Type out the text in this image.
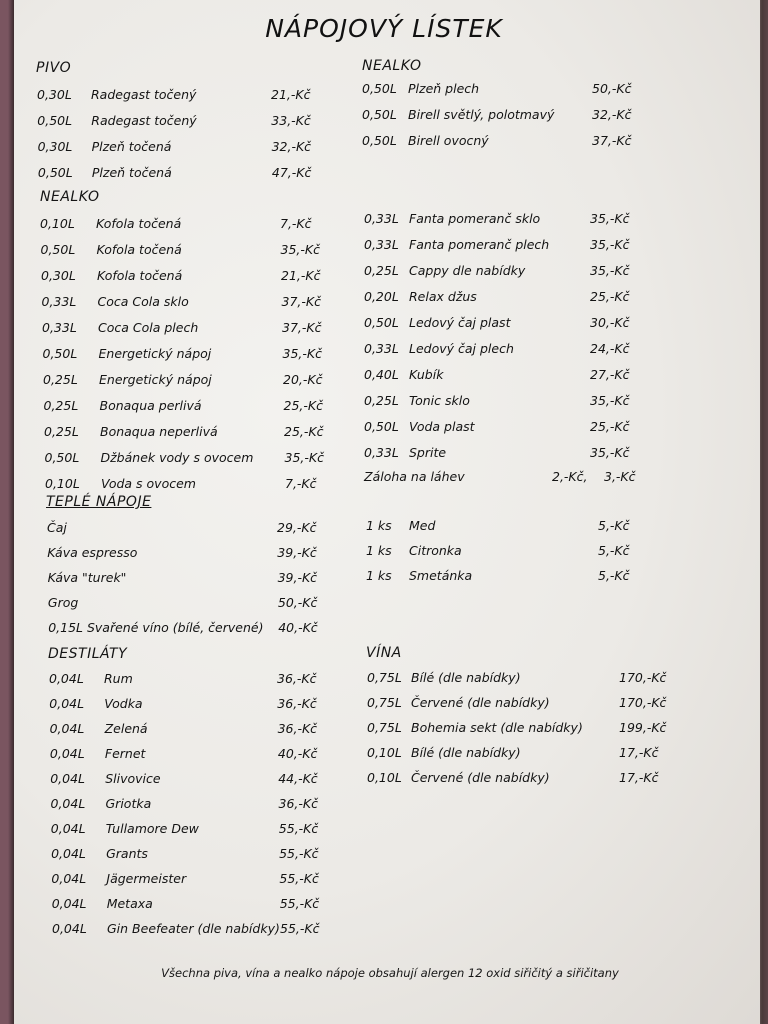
NÁPOJOVÝ LÍSTEK
PIVO
0,30L Radegast točený	21,-Kč
0,50L Radegast točený	33,-Kč
0,30L Plzeň točená	32,-Kč
0,50L Plzeň točená	47,-Kč
NEALKO
0,10L Kofola točená	7,-Kč
0,50L Kofola točená	35,-Kč
0,30L Kofola točená	21,-Kč
0,33L Coca Cola sklo	37,-Kč
0,33L Coca Cola plech	37,-Kč
0,50L Energetický nápoj	35,-Kč
0,25L Energetický nápoj	20,-Kč
0,25L Bonaqua perlivá	25,-Kč
0,25L Bonaqua neperlivá	25,-Kč
0,50L Džbánek vody s ovocem 35,-Kč
0,10L Voda s ovocem	7,-Kč
TEPLÉ NÁPOJE
Čaj	29,-Kč
Káva espresso	39,-Kč
Káva "turek"	39,-Kč
Grog	50,-Kč
0,15L Svařené víno (bílé, červené) 40,-Kč
DESTILÁTY
0,04L Rum	36,-Kč
0,04L Vodka	36,-Kč
0,04L Zelená	36,-Kč
0,04L Fernet	40,-Kč
0,04L Slivovice	44,-Kč
0,04L Griotka	36,-Kč
0,04L Tullamore Dew	55,-Kč
0,04L Grants	55,-Kč
0,04L Jägermeister	55,-Kč
0,04L Metaxa	55,-Kč
0,04L Gin Beefeater (dle nabídky) 55,-Kč
NEALKO
0,50L Plzeň plech	50,-Kč
0,50L Birell světlý, polotmavý	32,-Kč
0,50L Birell ovocný	37,-Kč
0,33L Fanta pomeranč sklo	35,-Kč
0,33L Fanta pomeranč plech	35,-Kč
0,25L Cappy dle nabídky	35,-Kč
0,20L Relax džus	25,-Kč
0,50L Ledový čaj plast	30,-Kč
0,33L Ledový čaj plech	24,-Kč
0,40L Kubík	27,-Kč
0,25L Tonic sklo	35,-Kč
0,50L Voda plast	25,-Kč
0,33L Sprite	35,-Kč
Záloha na láhev	2,-Kč, 3,-Kč
1 ks Med	5,-Kč
1 ks Citronka	5,-Kč
1 ks Smetánka	5,-Kč
VÍNA
0,75L Bílé (dle nabídky)	170,-Kč
0,75L Červené (dle nabídky)	170,-Kč
0,75L Bohemia sekt (dle nabídky)	199,-Kč
0,10L Bílé (dle nabídky)	17,-Kč
0,10L Červené (dle nabídky)	17,-Kč
Všechna piva, vína a nealko nápoje obsahují alergen 12 oxid siřičitý a siřičitany
